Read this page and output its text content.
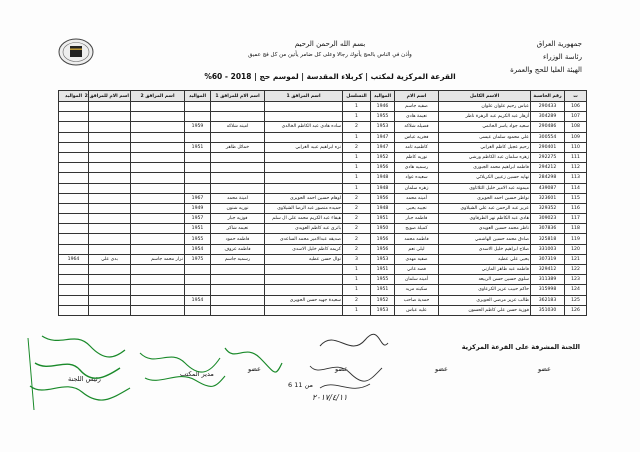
جمهورية العراق
رئاسة الوزراء
الهيئة العليا للحج والعمرة
بسم الله الرحمن الرحيم
وأذن في الناس بالحج يأتوك رجالا وعلى كل ضامر يأتين من كل فج عميق
القرعة المركزية لمكتب | كربلاء المقدسة | لموسم حج | 2018 - 60%
ت	رقم الحاسبة	الاسم الكامل	اسم الام	المواليد	التسلسل	اسم المرافق 1	اسم الام للمرافق 1	المواليد	اسم المرافق 2	اسم الام للمرافق 2	المواليد
106	290433	عباس رحيم علوان علوان	صفيه جاسم	1946	1						
107	304289	أزهار عبد الكريم عبد الزهرة ناظر	نعيمة هادي	1955	1						
108	290486	سعيد جواد ياسر الحاتمي	فضيله شلاكه	1953	2	ساده هادي عبد الكاظم الخالدي	امينه شلاكه	1959			
109	300554	علي محمود سلمان عيسى	فخريه عباس	1947	1						
110	290401	رحيم عجيل كاظم الغرابي	كاظميه ثامد	1947	2	نزه ابراهيم عبيد الغرابي	خمائل طاهر	1951			
111	292275	زهره سلمان عبد الكاظم ورشي	نوريه كاظم	1952	1						
112	294212	فاطمه ابراهيم محمد الجبوري	رسميه هادي	1956	1						
113	284298	نهايه حسين زعيين الكربلائي	سعيده عواد	1948	1						
114	439087	ميمونه عبد الامير خليل الثلاثاوي	زهره سلمان	1948	1						
115	323601	نواظر حسين احمد الحويزي	أمينه محمد	1956	2	اوهام حسين احمد الحويزي	امينة محمد	1967			
116	329352	عزيز عبد الرحمن عبد علي الشيلاوي	نجيبه يحيى	1948	2	حميده منصور عبد الرضا الشيلاوي	نوريه شنون	1949			
117	309023	هادي عبد الكاظم نهر الطرقاوي	فاطمه جبار	1951	2	هيفاء عبد الكريم محمد علي ال سلم	فوزيه جبار	1957			
118	307836	ناظر محمد حسين العويدي	كميلة صويح	1950	2	باترى عبد كاظم العويدي	نعيمه شاكر	1951			
119	325818	صادق محمد حسين الهاشمي	فاطمه محمد	1956	2	صديقه عبدالامير محمد الساعدي	فاطمه حمود	1955			
120	331003	صلاح ابراهيم خليل الاسدي	ليلى نعم	1956	2	كريمه كاظم خليل الاسدي	فاطمه عزوف	1954			
121	307319	يحيى علي عطيه	صفيه مهدي	1953	3	نوال حسن عطيه	رسميه جاسم	1975	نزار محمد جاسم	بدي علي	1964
122	329412	فاطمه عبد طاهر المازني	فصه غاني	1951	1						
123	311389	سلوى حسين حسن الربيعه	أمينه سلمان	1955	1						
124	315998	حاكم حبيب عزيز الكرعاوي	سكينه مريد	1951	1						
125	362183	طالب عزيز مرضي الحويزي	حمدية صاحب	1952	2	سعيدة جهيد حسن الحويزي		1954			
126	351030	فوزية حسن علي كاظم الحسون	عليه عباس	1953	1						
اللجنة المشرفة على القرعة المركزية
عضو
عضو
عضو
عضو
مدير المكتب
رئيس اللجنة
6 من 11
٢٠١٧/٤/١١
